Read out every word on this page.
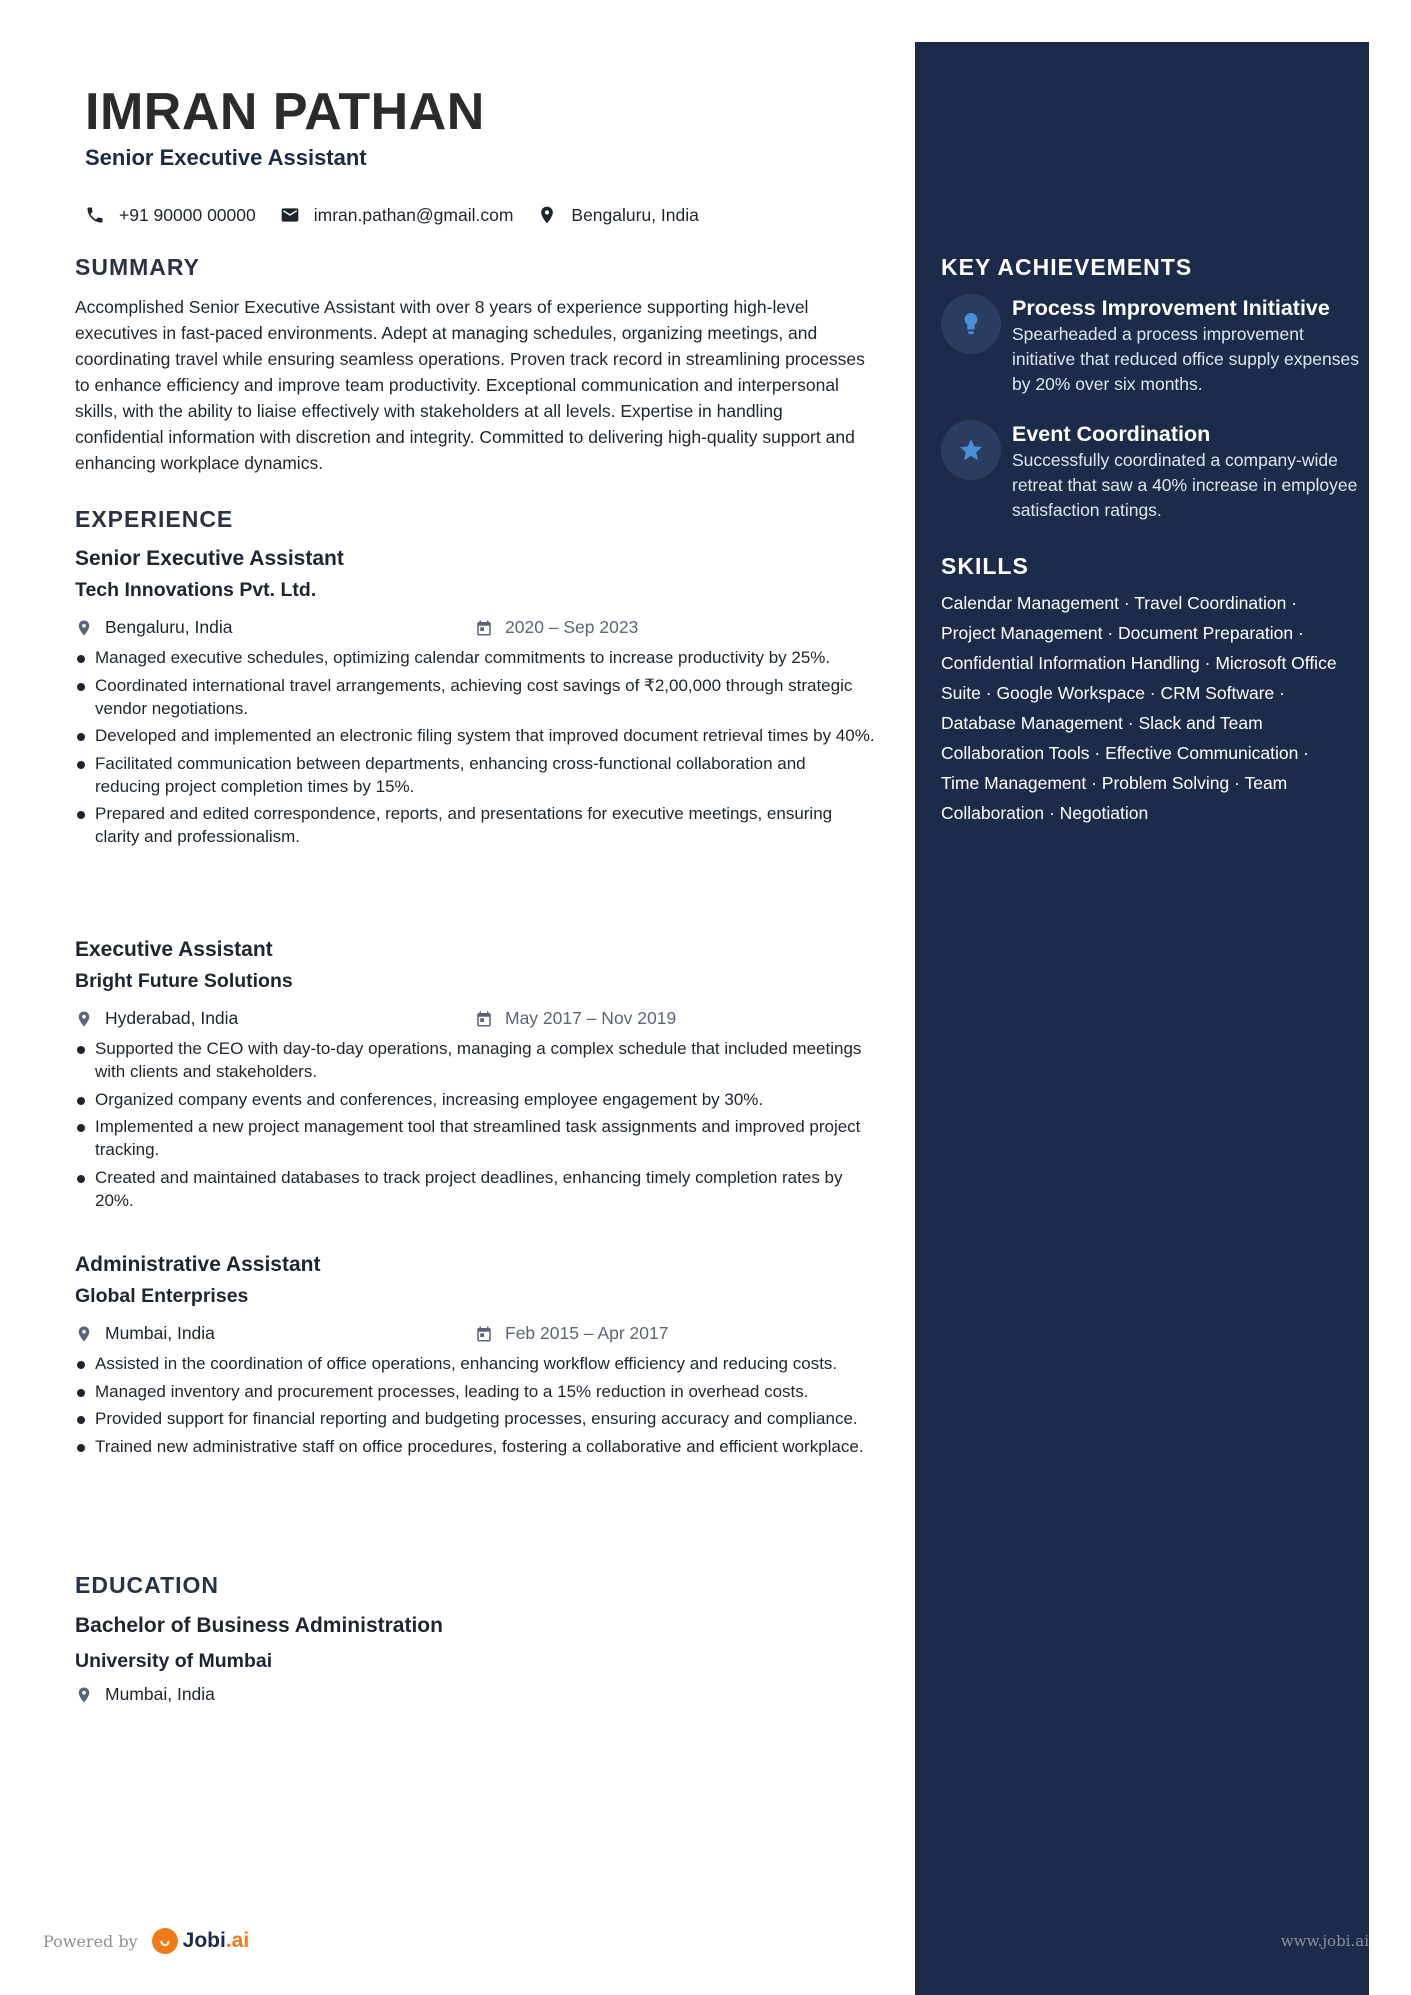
IMRAN PATHAN
Senior Executive Assistant
+91 90000 00000	imran.pathan@gmail.com	Bengaluru, India
SUMMARY
Accomplished Senior Executive Assistant with over 8 years of experience supporting high-level executives in fast-paced environments. Adept at managing schedules, organizing meetings, and coordinating travel while ensuring seamless operations. Proven track record in streamlining processes to enhance efficiency and improve team productivity. Exceptional communication and interpersonal skills, with the ability to liaise effectively with stakeholders at all levels. Expertise in handling confidential information with discretion and integrity. Committed to delivering high-quality support and enhancing workplace dynamics.
EXPERIENCE
Senior Executive Assistant
Tech Innovations Pvt. Ltd.
Bengaluru, India	2020 – Sep 2023
Managed executive schedules, optimizing calendar commitments to increase productivity by 25%.
Coordinated international travel arrangements, achieving cost savings of ₹2,00,000 through strategic vendor negotiations.
Developed and implemented an electronic filing system that improved document retrieval times by 40%.
Facilitated communication between departments, enhancing cross-functional collaboration and reducing project completion times by 15%.
Prepared and edited correspondence, reports, and presentations for executive meetings, ensuring clarity and professionalism.
Executive Assistant
Bright Future Solutions
Hyderabad, India	May 2017 – Nov 2019
Supported the CEO with day-to-day operations, managing a complex schedule that included meetings with clients and stakeholders.
Organized company events and conferences, increasing employee engagement by 30%.
Implemented a new project management tool that streamlined task assignments and improved project tracking.
Created and maintained databases to track project deadlines, enhancing timely completion rates by 20%.
Administrative Assistant
Global Enterprises
Mumbai, India	Feb 2015 – Apr 2017
Assisted in the coordination of office operations, enhancing workflow efficiency and reducing costs.
Managed inventory and procurement processes, leading to a 15% reduction in overhead costs.
Provided support for financial reporting and budgeting processes, ensuring accuracy and compliance.
Trained new administrative staff on office procedures, fostering a collaborative and efficient workplace.
EDUCATION
Bachelor of Business Administration
University of Mumbai
Mumbai, India
KEY ACHIEVEMENTS
Process Improvement Initiative
Spearheaded a process improvement initiative that reduced office supply expenses by 20% over six months.
Event Coordination
Successfully coordinated a company-wide retreat that saw a 40% increase in employee satisfaction ratings.
SKILLS
Calendar Management · Travel Coordination · Project Management · Document Preparation · Confidential Information Handling · Microsoft Office Suite · Google Workspace · CRM Software · Database Management · Slack and Team Collaboration Tools · Effective Communication · Time Management · Problem Solving · Team Collaboration · Negotiation
Powered by Jobi .ai	www.jobi.ai
